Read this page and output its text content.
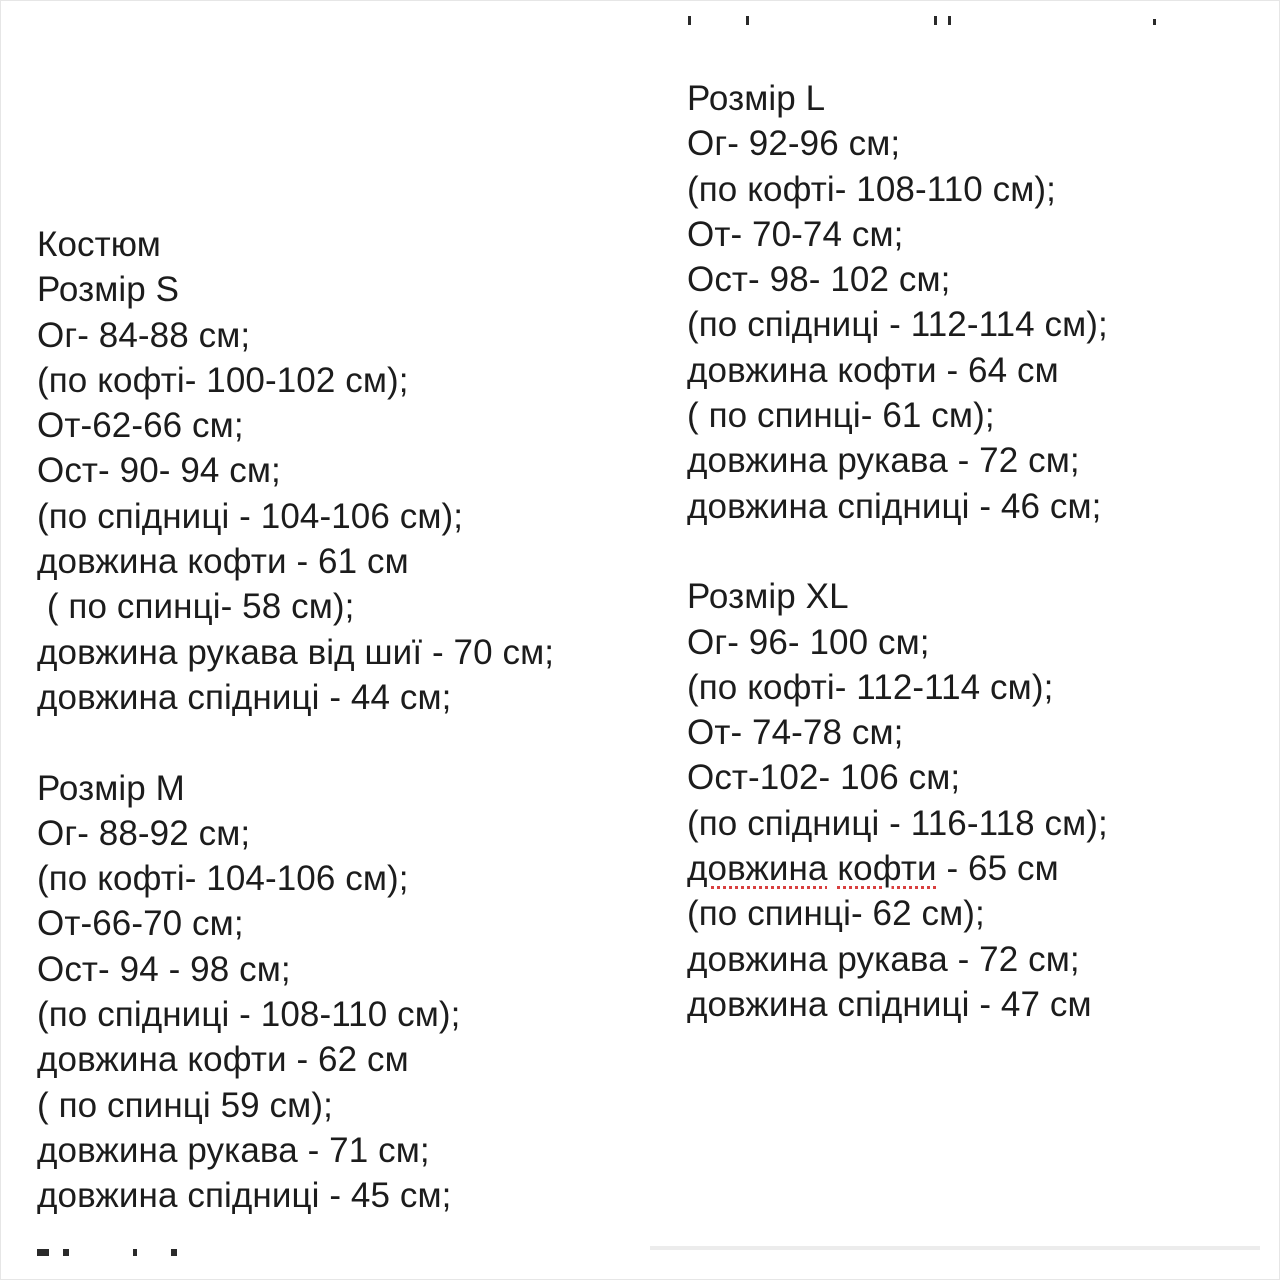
Костюм
Розмір S
Ог- 84-88 см;
(по кофті- 100-102 см);
От-62-66 см;
Ост- 90- 94 см;
(по спідниці - 104-106 см);
довжина кофти - 61 см
( по спинці- 58 см);
довжина рукава від шиї - 70 см;
довжина спідниці - 44 см;
Розмір M
Ог- 88-92 см;
(по кофті- 104-106 см);
От-66-70 см;
Ост- 94 - 98 см;
(по спідниці - 108-110 см);
довжина кофти - 62 см
( по спинці 59 см);
довжина рукава - 71 см;
довжина спідниці - 45 см;
Розмір L
Ог- 92-96 см;
(по кофті- 108-110 см);
От- 70-74 см;
Ост- 98- 102 см;
(по спідниці - 112-114 см);
довжина кофти - 64 см
( по спинці- 61 см);
довжина рукава - 72 см;
довжина спідниці - 46 см;
Розмір XL
Ог- 96- 100 см;
(по кофті- 112-114 см);
От- 74-78 см;
Ост-102- 106 см;
(по спідниці - 116-118 см);
довжина кофти - 65 см
(по спинці- 62 см);
довжина рукава - 72 см;
довжина спідниці - 47 см
